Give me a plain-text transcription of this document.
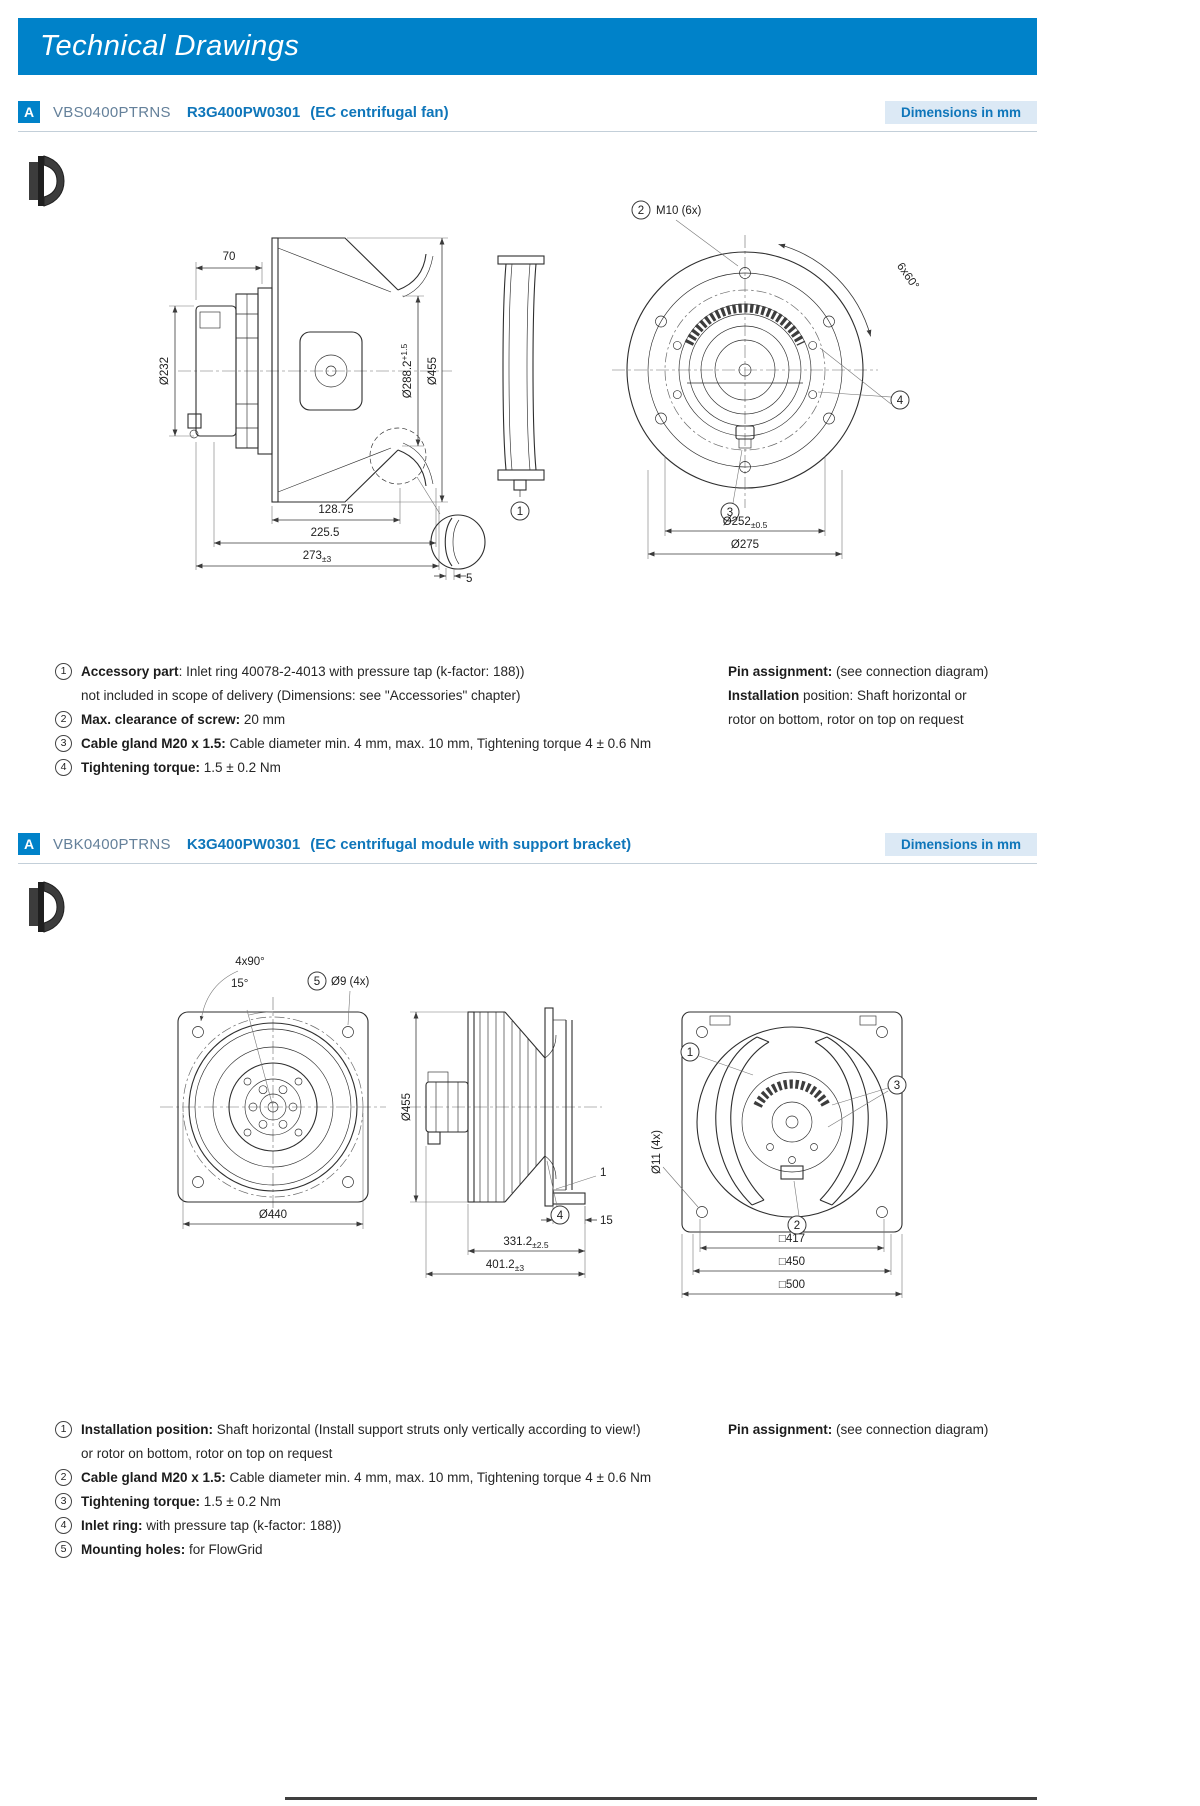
Technical Drawings
A	VBS0400PTRNS R3G400PW0301 (EC centrifugal fan)	Dimensions in mm
70
Ø232	$Ø288.2^{+1.5}$
Ø455
128.75
225.5
$273_{\pm 3}$
5
1
2 M10 (6x)
6x60°
4
3
$Ø252_{\pm 0.5}$
Ø275
1	Accessory part: Inlet ring 40078-2-4013 with pressure tap (k-factor: 188))
not included in scope of delivery (Dimensions: see "Accessories" chapter)
2	Max. clearance of screw: 20 mm
3	Cable gland M20 x 1.5: Cable diameter min. 4 mm, max. 10 mm, Tightening torque 4 ± 0.6 Nm
4	Tightening torque: 1.5 ± 0.2 Nm
Pin assignment: (see connection diagram)
Installation position: Shaft horizontal or
rotor on bottom, rotor on top on request
A	VBK0400PTRNS K3G400PW0301 (EC centrifugal module with support bracket)	Dimensions in mm
4x90°
15°	5 Ø9 (4x)
Ø440
Ø455
$331.2_{\pm 2.5}$
$401.2_{\pm 3}$
1
15
4
1
3
Ø11 (4x)
2
□417
□450
□500
1	Installation position: Shaft horizontal (Install support struts only vertically according to view!)
or rotor on bottom, rotor on top on request
2	Cable gland M20 x 1.5: Cable diameter min. 4 mm, max. 10 mm, Tightening torque 4 ± 0.6 Nm
3	Tightening torque: 1.5 ± 0.2 Nm
4	Inlet ring: with pressure tap (k-factor: 188))
5	Mounting holes: for FlowGrid
Pin assignment: (see connection diagram)
